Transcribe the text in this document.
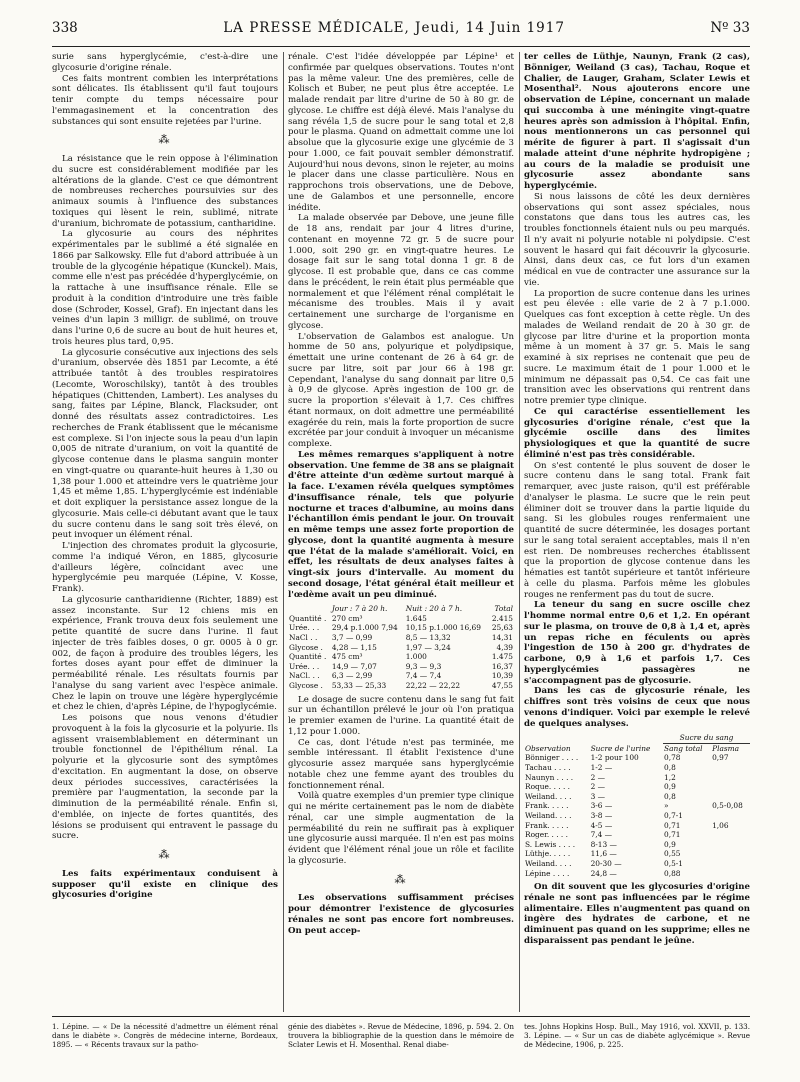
338	LA PRESSE MÉDICALE, Jeudi, 14 Juin 1917	Nº 33

surie sans hyperglycémie, c'est-à-dire une glycosurie d'origine rénale.

Ces faits montrent combien les interprétations sont délicates. Ils établissent qu'il faut toujours tenir compte du temps nécessaire pour l'emmagasinement et la concentration des substances qui sont ensuite rejetées par l'urine.

⁂

La résistance que le rein oppose à l'élimination du sucre est considérablement modifiée par les altérations de la glande. C'est ce que démontrent de nombreuses recherches poursuivies sur des animaux soumis à l'influence des substances toxiques qui lèsent le rein, sublimé, nitrate d'uranium, bichromate de potassium, cantharidine.

La glycosurie au cours des néphrites expérimentales par le sublimé a été signalée en 1866 par Salkowsky. Elle fut d'abord attribuée à un trouble de la glycogénie hépatique (Kunckel). Mais, comme elle n'est pas précédée d'hyperglycémie, on la rattache à une insuffisance rénale. Elle se produit à la condition d'introduire une très faible dose (Schroder, Kossel, Graf). En injectant dans les veines d'un lapin 3 milligr. de sublimé, on trouve dans l'urine 0,6 de sucre au bout de huit heures et, trois heures plus tard, 0,95.

La glycosurie consécutive aux injections des sels d'uranium, observée dès 1851 par Lecomte, a été attribuée tantôt à des troubles respiratoires (Lecomte, Woroschilsky), tantôt à des troubles hépatiques (Chittenden, Lambert). Les analyses du sang, faites par Lépine, Blanck, Flacksuder, ont donné des résultats assez contradictoires. Les recherches de Frank établissent que le mécanisme est complexe. Si l'on injecte sous la peau d'un lapin 0,005 de nitrate d'uranium, on voit la quantité de glycose contenue dans le plasma sanguin monter en vingt-quatre ou quarante-huit heures à 1,30 ou 1,38 pour 1.000 et atteindre vers le quatrième jour 1,45 et même 1,85. L'hyperglycémie est indéniable et doit expliquer la persistance assez longue de la glycosurie. Mais celle-ci débutant avant que le taux du sucre contenu dans le sang soit très élevé, on peut invoquer un élément rénal.

L'injection des chromates produit la glycosurie, comme l'a indiqué Véron, en 1885, glycosurie d'ailleurs légère, coïncidant avec une hyperglycémie peu marquée (Lépine, V. Kosse, Frank).

La glycosurie cantharidienne (Richter, 1889) est assez inconstante. Sur 12 chiens mis en expérience, Frank trouva deux fois seulement une petite quantité de sucre dans l'urine. Il faut injecter de très faibles doses, 0 gr. 0005 à 0 gr. 002, de façon à produire des troubles légers, les fortes doses ayant pour effet de diminuer la perméabilité rénale. Les résultats fournis par l'analyse du sang varient avec l'espèce animale. Chez le lapin on trouve une légère hyperglycémie et chez le chien, d'après Lépine, de l'hypoglycémie.

Les poisons que nous venons d'étudier provoquent à la fois la glycosurie et la polyurie. Ils agissent vraisemblablement en déterminant un trouble fonctionnel de l'épithélium rénal. La polyurie et la glycosurie sont des symptômes d'excitation. En augmentant la dose, on observe deux périodes successives, caractérisées la première par l'augmentation, la seconde par la diminution de la perméabilité rénale. Enfin si, d'emblée, on injecte de fortes quantités, des lésions se produisent qui entravent le passage du sucre.

⁂

Les faits expérimentaux conduisent à supposer qu'il existe en clinique des glycosuries d'origine

rénale. C'est l'idée développée par Lépine¹ et confirmée par quelques observations. Toutes n'ont pas la même valeur. Une des premières, celle de Kolisch et Buber, ne peut plus être acceptée. Le malade rendait par litre d'urine de 50 à 80 gr. de glycose. Le chiffre est déjà élevé. Mais l'analyse du sang révéla 1,5 de sucre pour le sang total et 2,8 pour le plasma. Quand on admettait comme une loi absolue que la glycosurie exige une glycémie de 3 pour 1.000, ce fait pouvait sembler démonstratif. Aujourd'hui nous devons, sinon le rejeter, au moins le placer dans une classe particulière. Nous en rapprochons trois observations, une de Debove, une de Galambos et une personnelle, encore inédite.

La malade observée par Debove, une jeune fille de 18 ans, rendait par jour 4 litres d'urine, contenant en moyenne 72 gr. 5 de sucre pour 1.000, soit 290 gr. en vingt-quatre heures. Le dosage fait sur le sang total donna 1 gr. 8 de glycose. Il est probable que, dans ce cas comme dans le précédent, le rein était plus perméable que normalement et que l'élément rénal complétait le mécanisme des troubles. Mais il y avait certainement une surcharge de l'organisme en glycose.

L'observation de Galambos est analogue. Un homme de 50 ans, polyurique et polydipsique, émettait une urine contenant de 26 à 64 gr. de sucre par litre, soit par jour 66 à 198 gr. Cependant, l'analyse du sang donnait par litre 0,5 à 0,9 de glycose. Après ingestion de 100 gr. de sucre la proportion s'élevait à 1,7. Ces chiffres étant normaux, on doit admettre une perméabilité exagérée du rein, mais la forte proportion de sucre excrétée par jour conduit à invoquer un mécanisme complexe.

Les mêmes remarques s'appliquent à notre observation. Une femme de 38 ans se plaignait d'être atteinte d'un œdème surtout marqué à la face. L'examen révéla quelques symptômes d'insuffisance rénale, tels que polyurie nocturne et traces d'albumine, au moins dans l'échantillon émis pendant le jour. On trouvait en même temps une assez forte proportion de glycose, dont la quantité augmenta à mesure que l'état de la malade s'améliorait. Voici, en effet, les résultats de deux analyses faites à vingt-six jours d'intervalle. Au moment du second dosage, l'état général était meilleur et l'œdème avait un peu diminué.

	Jour : 7 à 20 h.	Nuit : 20 à 7 h.	Total
Quantité .	270 cm³	1.645	2.415
Urée. . .	29,4 p.1.000 7,94	10,15 p.1.000 16,69	25,63
NaCl . .	3,7 — 0,99	8,5 — 13,32	14,31
Glycose .	4,28 — 1,15	1,97 — 3,24	4,39
Quantité .	475 cm³	1.000	1.475
Urée. . .	14,9 — 7,07	9,3 — 9,3	16,37
NaCl. . .	6,3 — 2,99	7,4 — 7,4	10,39
Glycose .	53,33 — 25,33	22,22 — 22,22	47,55

Le dosage de sucre contenu dans le sang fut fait sur un échantillon prélevé le jour où l'on pratiqua le premier examen de l'urine. La quantité était de 1,12 pour 1.000.

Ce cas, dont l'étude n'est pas terminée, me semble intéressant. Il établit l'existence d'une glycosurie assez marquée sans hyperglycémie notable chez une femme ayant des troubles du fonctionnement rénal.

Voilà quatre exemples d'un premier type clinique qui ne mérite certainement pas le nom de diabète rénal, car une simple augmentation de la perméabilité du rein ne suffirait pas à expliquer une glycosurie aussi marquée. Il n'en est pas moins évident que l'élément rénal joue un rôle et facilite la glycosurie.

⁂

Les observations suffisamment précises pour démontrer l'existence de glycosuries rénales ne sont pas encore fort nombreuses. On peut accep-

ter celles de Lüthje, Naunyn, Frank (2 cas), Bönniger, Weiland (3 cas), Tachau, Roque et Chalier, de Lauger, Graham, Sclater Lewis et Mosenthal². Nous ajouterons encore une observation de Lépine, concernant un malade qui succomba à une méningite vingt-quatre heures après son admission à l'hôpital. Enfin, nous mentionnerons un cas personnel qui mérite de figurer à part. Il s'agissait d'un malade atteint d'une néphrite hydropigène ; au cours de la maladie se produisit une glycosurie assez abondante sans hyperglycémie.

Si nous laissons de côté les deux dernières observations qui sont assez spéciales, nous constatons que dans tous les autres cas, les troubles fonctionnels étaient nuls ou peu marqués. Il n'y avait ni polyurie notable ni polydipsie. C'est souvent le hasard qui fait découvrir la glycosurie. Ainsi, dans deux cas, ce fut lors d'un examen médical en vue de contracter une assurance sur la vie.

La proportion de sucre contenue dans les urines est peu élevée : elle varie de 2 à 7 p.1.000. Quelques cas font exception à cette règle. Un des malades de Weiland rendait de 20 à 30 gr. de glycose par litre d'urine et la proportion monta même à un moment à 37 gr. 5. Mais le sang examiné à six reprises ne contenait que peu de sucre. Le maximum était de 1 pour 1.000 et le minimum ne dépassait pas 0,54. Ce cas fait une transition avec les observations qui rentrent dans notre premier type clinique.

Ce qui caractérise essentiellement les glycosuries d'origine rénale, c'est que la glycémie oscille dans des limites physiologiques et que la quantité de sucre éliminé n'est pas très considérable.

On s'est contenté le plus souvent de doser le sucre contenu dans le sang total. Frank fait remarquer, avec juste raison, qu'il est préférable d'analyser le plasma. Le sucre que le rein peut éliminer doit se trouver dans la partie liquide du sang. Si les globules rouges renfermaient une quantité de sucre déterminée, les dosages portant sur le sang total seraient acceptables, mais il n'en est rien. De nombreuses recherches établissent que la proportion de glycose contenue dans les hématies est tantôt supérieure et tantôt inférieure à celle du plasma. Parfois même les globules rouges ne renferment pas du tout de sucre.

La teneur du sang en sucre oscille chez l'homme normal entre 0,6 et 1,2. En opérant sur le plasma, on trouve de 0,8 à 1,4 et, après un repas riche en féculents ou après l'ingestion de 150 à 200 gr. d'hydrates de carbone, 0,9 à 1,6 et parfois 1,7. Ces hyperglycémies passagères ne s'accompagnent pas de glycosurie.

Dans les cas de glycosurie rénale, les chiffres sont très voisins de ceux que nous venons d'indiquer. Voici par exemple le relevé de quelques analyses.

		Sucre du sang	
Observation	Sucre de l'urine	Sang total	Plasma
Bönniger . . . .	1-2 pour 100	0,78	0,97
Tachau . . . .	1-2 —	0,8	
Naunyn . . . .	2 —	1,2	
Roque. . . . .	2 —	0,9	
Weiland. . . .	3 —	0,8	
Frank. . . . .	3-6 —	»	0,5-0,08
Weiland. . . .	3-8 —	0,7-1	
Frank. . . . .	4-5 —	0,71	1,06
Roger. . . . .	7,4 —	0,71	
S. Lewis . . . .	8-13 —	0,9	
Lüthje. . . . .	11,6 —	0,55	
Weiland. . . .	20-30 —	0,5-1	
Lépine . . . .	24,8 —	0,88	

On dit souvent que les glycosuries d'origine rénale ne sont pas influencées par le régime alimentaire. Elles n'augmentent pas quand on ingère des hydrates de carbone, et ne diminuent pas quand on les supprime; elles ne disparaissent pas pendant le jeûne.

1. Lépine. — « De la nécessité d'admettre un élément rénal dans le diabète ». Congrès de médecine interne, Bordeaux, 1895. — « Récents travaux sur la patho-
génie des diabètes ». Revue de Médecine, 1896, p. 594. 2. On trouvera la bibliographie de la question dans le mémoire de Sclater Lewis et H. Mosenthal. Renal diabe-
tes. Johns Hopkins Hosp. Bull., May 1916, vol. XXVII, p. 133. 3. Lépine. — « Sur un cas de diabète aglycémique ». Revue de Médecine, 1906, p. 225.
